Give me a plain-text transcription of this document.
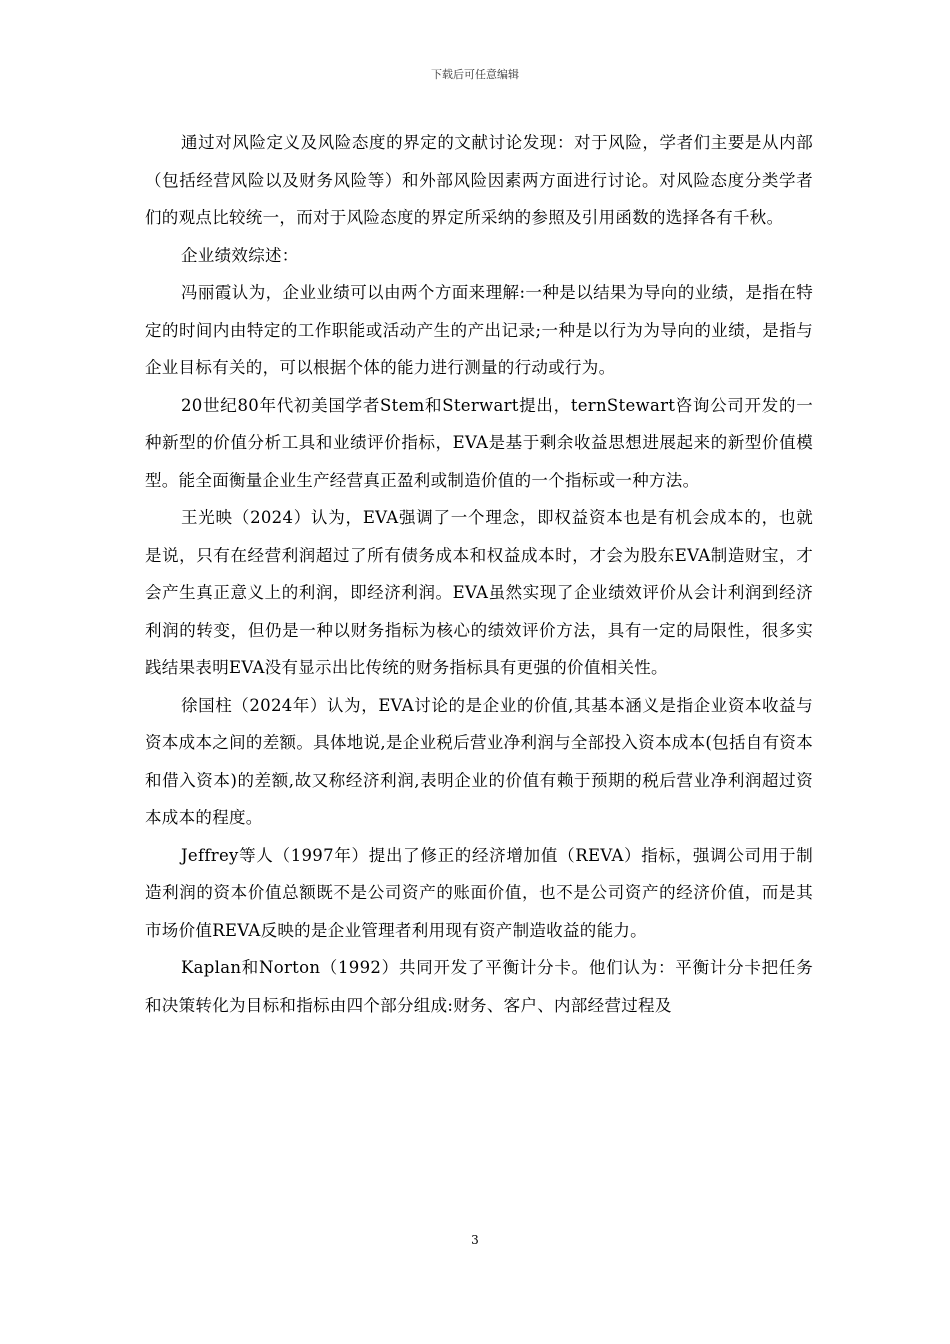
下载后可任意编辑

通过对风险定义及风险态度的界定的文献讨论发现：对于风险，学者们主要是从内部（包括经营风险以及财务风险等）和外部风险因素两方面进行讨论。对风险态度分类学者们的观点比较统一，而对于风险态度的界定所采纳的参照及引用函数的选择各有千秋。

企业绩效综述：

冯丽霞认为，企业业绩可以由两个方面来理解:一种是以结果为导向的业绩，是指在特定的时间内由特定的工作职能或活动产生的产出记录;一种是以行为为导向的业绩，是指与企业目标有关的，可以根据个体的能力进行测量的行动或行为。

20世纪80年代初美国学者Stem和Sterwart提出，ternStewart咨询公司开发的一种新型的价值分析工具和业绩评价指标，EVA是基于剩余收益思想进展起来的新型价值模型。能全面衡量企业生产经营真正盈利或制造价值的一个指标或一种方法。

王光映（2024）认为，EVA强调了一个理念，即权益资本也是有机会成本的，也就是说，只有在经营利润超过了所有债务成本和权益成本时，才会为股东EVA制造财宝，才会产生真正意义上的利润，即经济利润。EVA虽然实现了企业绩效评价从会计利润到经济利润的转变，但仍是一种以财务指标为核心的绩效评价方法，具有一定的局限性，很多实践结果表明EVA没有显示出比传统的财务指标具有更强的价值相关性。

徐国柱（2024年）认为，EVA讨论的是企业的价值,其基本涵义是指企业资本收益与资本成本之间的差额。具体地说,是企业税后营业净利润与全部投入资本成本(包括自有资本和借入资本)的差额,故又称经济利润,表明企业的价值有赖于预期的税后营业净利润超过资本成本的程度。

Jeffrey等人（1997年）提出了修正的经济增加值（REVA）指标，强调公司用于制造利润的资本价值总额既不是公司资产的账面价值，也不是公司资产的经济价值，而是其市场价值REVA反映的是企业管理者利用现有资产制造收益的能力。

Kaplan和Norton（1992）共同开发了平衡计分卡。他们认为：平衡计分卡把任务和决策转化为目标和指标由四个部分组成:财务、客户、内部经营过程及

3
